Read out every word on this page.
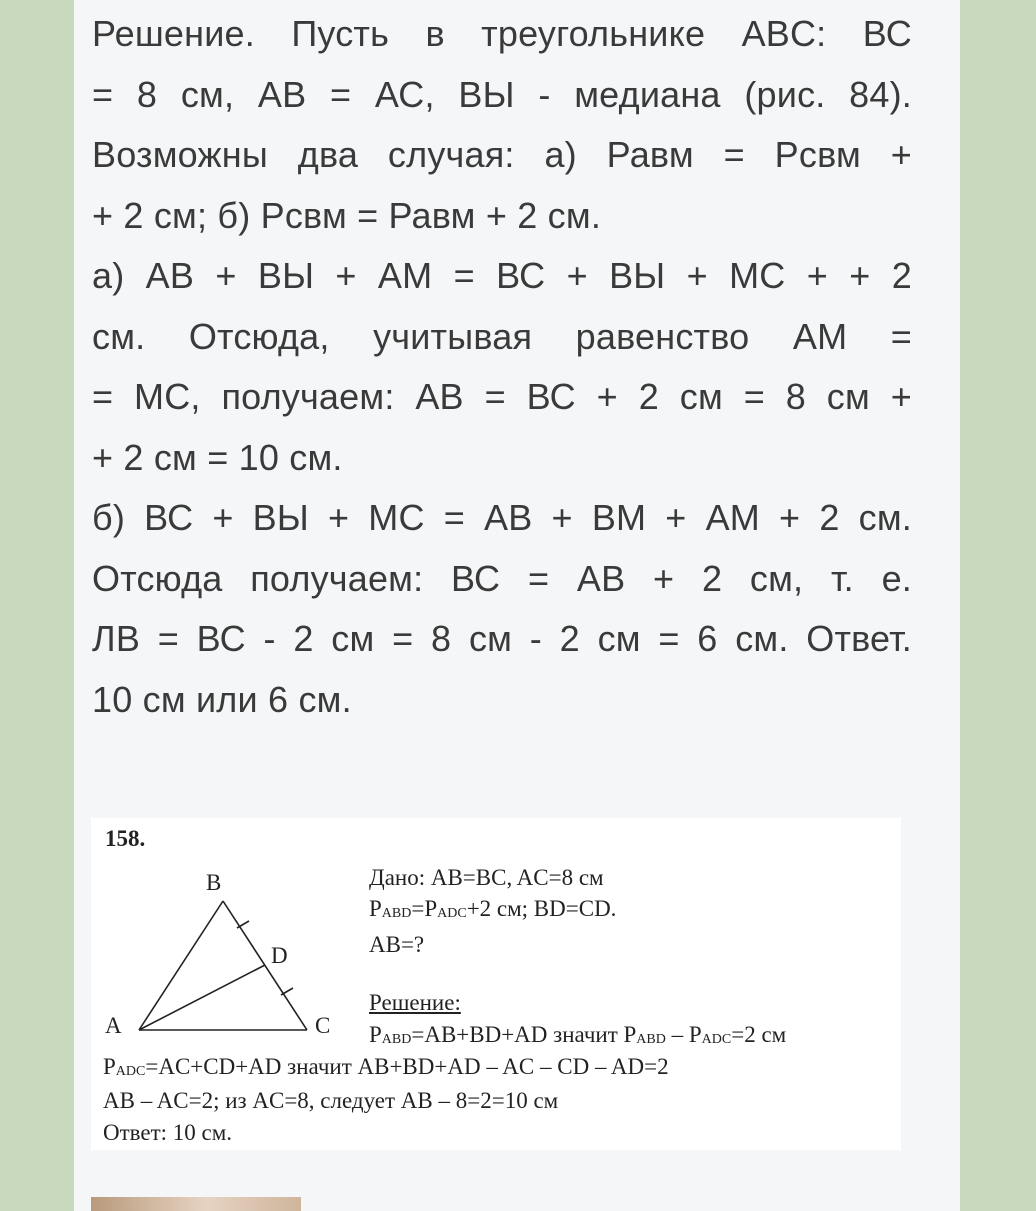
Решение. Пусть в треугольнике ABC: ВС
= 8 см, АВ = АС, ВЫ - медиана (рис. 84).
Возможны два случая: а) Равм = Рсвм +
+ 2 см; б) Рсвм = Равм + 2 см.
а) АВ + ВЫ + AM = ВС + ВЫ + МС + + 2
см. Отсюда, учитывая равенство AM =
= МС, получаем: АВ = ВС + 2 см = 8 см +
+ 2 см = 10 см.
б) ВС + ВЫ + МС = АВ + ВМ + AM + 2 см.
Отсюда получаем: ВС = АВ + 2 см, т. е.
ЛВ = ВС - 2 см = 8 см - 2 см = 6 см. Ответ.
10 см или 6 см.
158.
B
D
A	C
Дано: AB=BC, AC=8 см
$P_{ABD}=P_{ADC}+2$ см; BD=CD.
AB=?
Решение:
$P_{ABD}=AB+BD+AD$ значит $P_{ABD} - P_{ADC}=2$ см
$P_{ADC}=AC+CD+AD$ значит AB+BD+AD – AC – CD – AD=2
AB – AC=2; из AC=8, следует AB – 8=2=10 см
Ответ: 10 см.
